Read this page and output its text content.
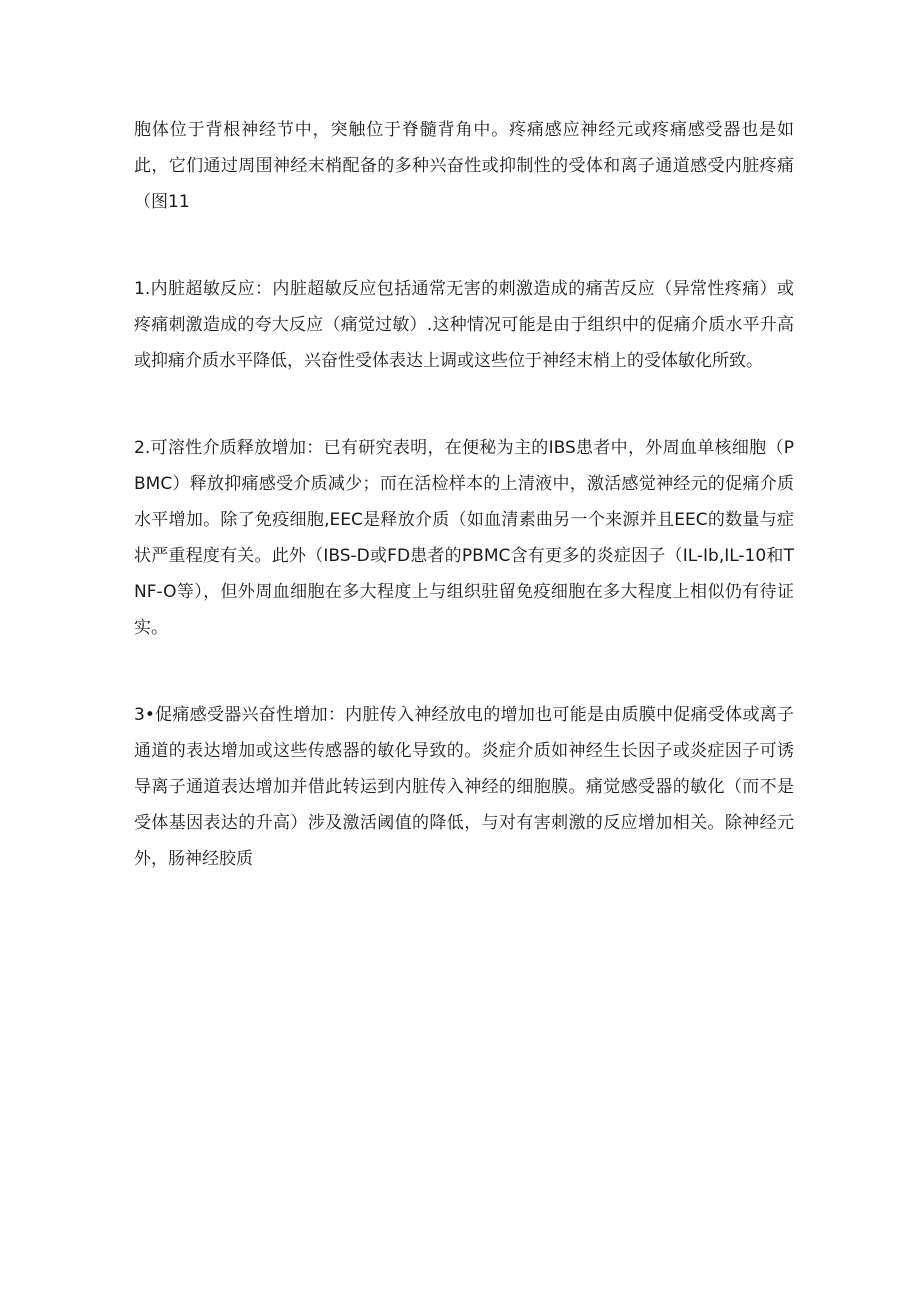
胞体位于背根神经节中，突触位于脊髓背角中。疼痛感应神经元或疼痛感受器也是如此，它们通过周围神经末梢配备的多种兴奋性或抑制性的受体和离子通道感受内脏疼痛（图11

1.内脏超敏反应：内脏超敏反应包括通常无害的刺激造成的痛苦反应（异常性疼痛）或疼痛刺激造成的夸大反应（痛觉过敏）.这种情况可能是由于组织中的促痛介质水平升高或抑痛介质水平降低，兴奋性受体表达上调或这些位于神经末梢上的受体敏化所致。

2.可溶性介质释放增加：已有研究表明，在便秘为主的IBS患者中，外周血单核细胞（PBMC）释放抑痛感受介质减少；而在活检样本的上清液中，激活感觉神经元的促痛介质水平增加。除了免疫细胞,EEC是释放介质（如血清素曲另一个来源并且EEC的数量与症状严重程度有关。此外（IBS-D或FD患者的PBMC含有更多的炎症因子（IL-Ib,IL-10和TNF-O等），但外周血细胞在多大程度上与组织驻留免疫细胞在多大程度上相似仍有待证实。

3•促痛感受器兴奋性增加：内脏传入神经放电的增加也可能是由质膜中促痛受体或离子通道的表达增加或这些传感器的敏化导致的。炎症介质如神经生长因子或炎症因子可诱导离子通道表达增加并借此转运到内脏传入神经的细胞膜。痛觉感受器的敏化（而不是受体基因表达的升高）涉及激活阈值的降低，与对有害刺激的反应增加相关。除神经元外，肠神经胶质
